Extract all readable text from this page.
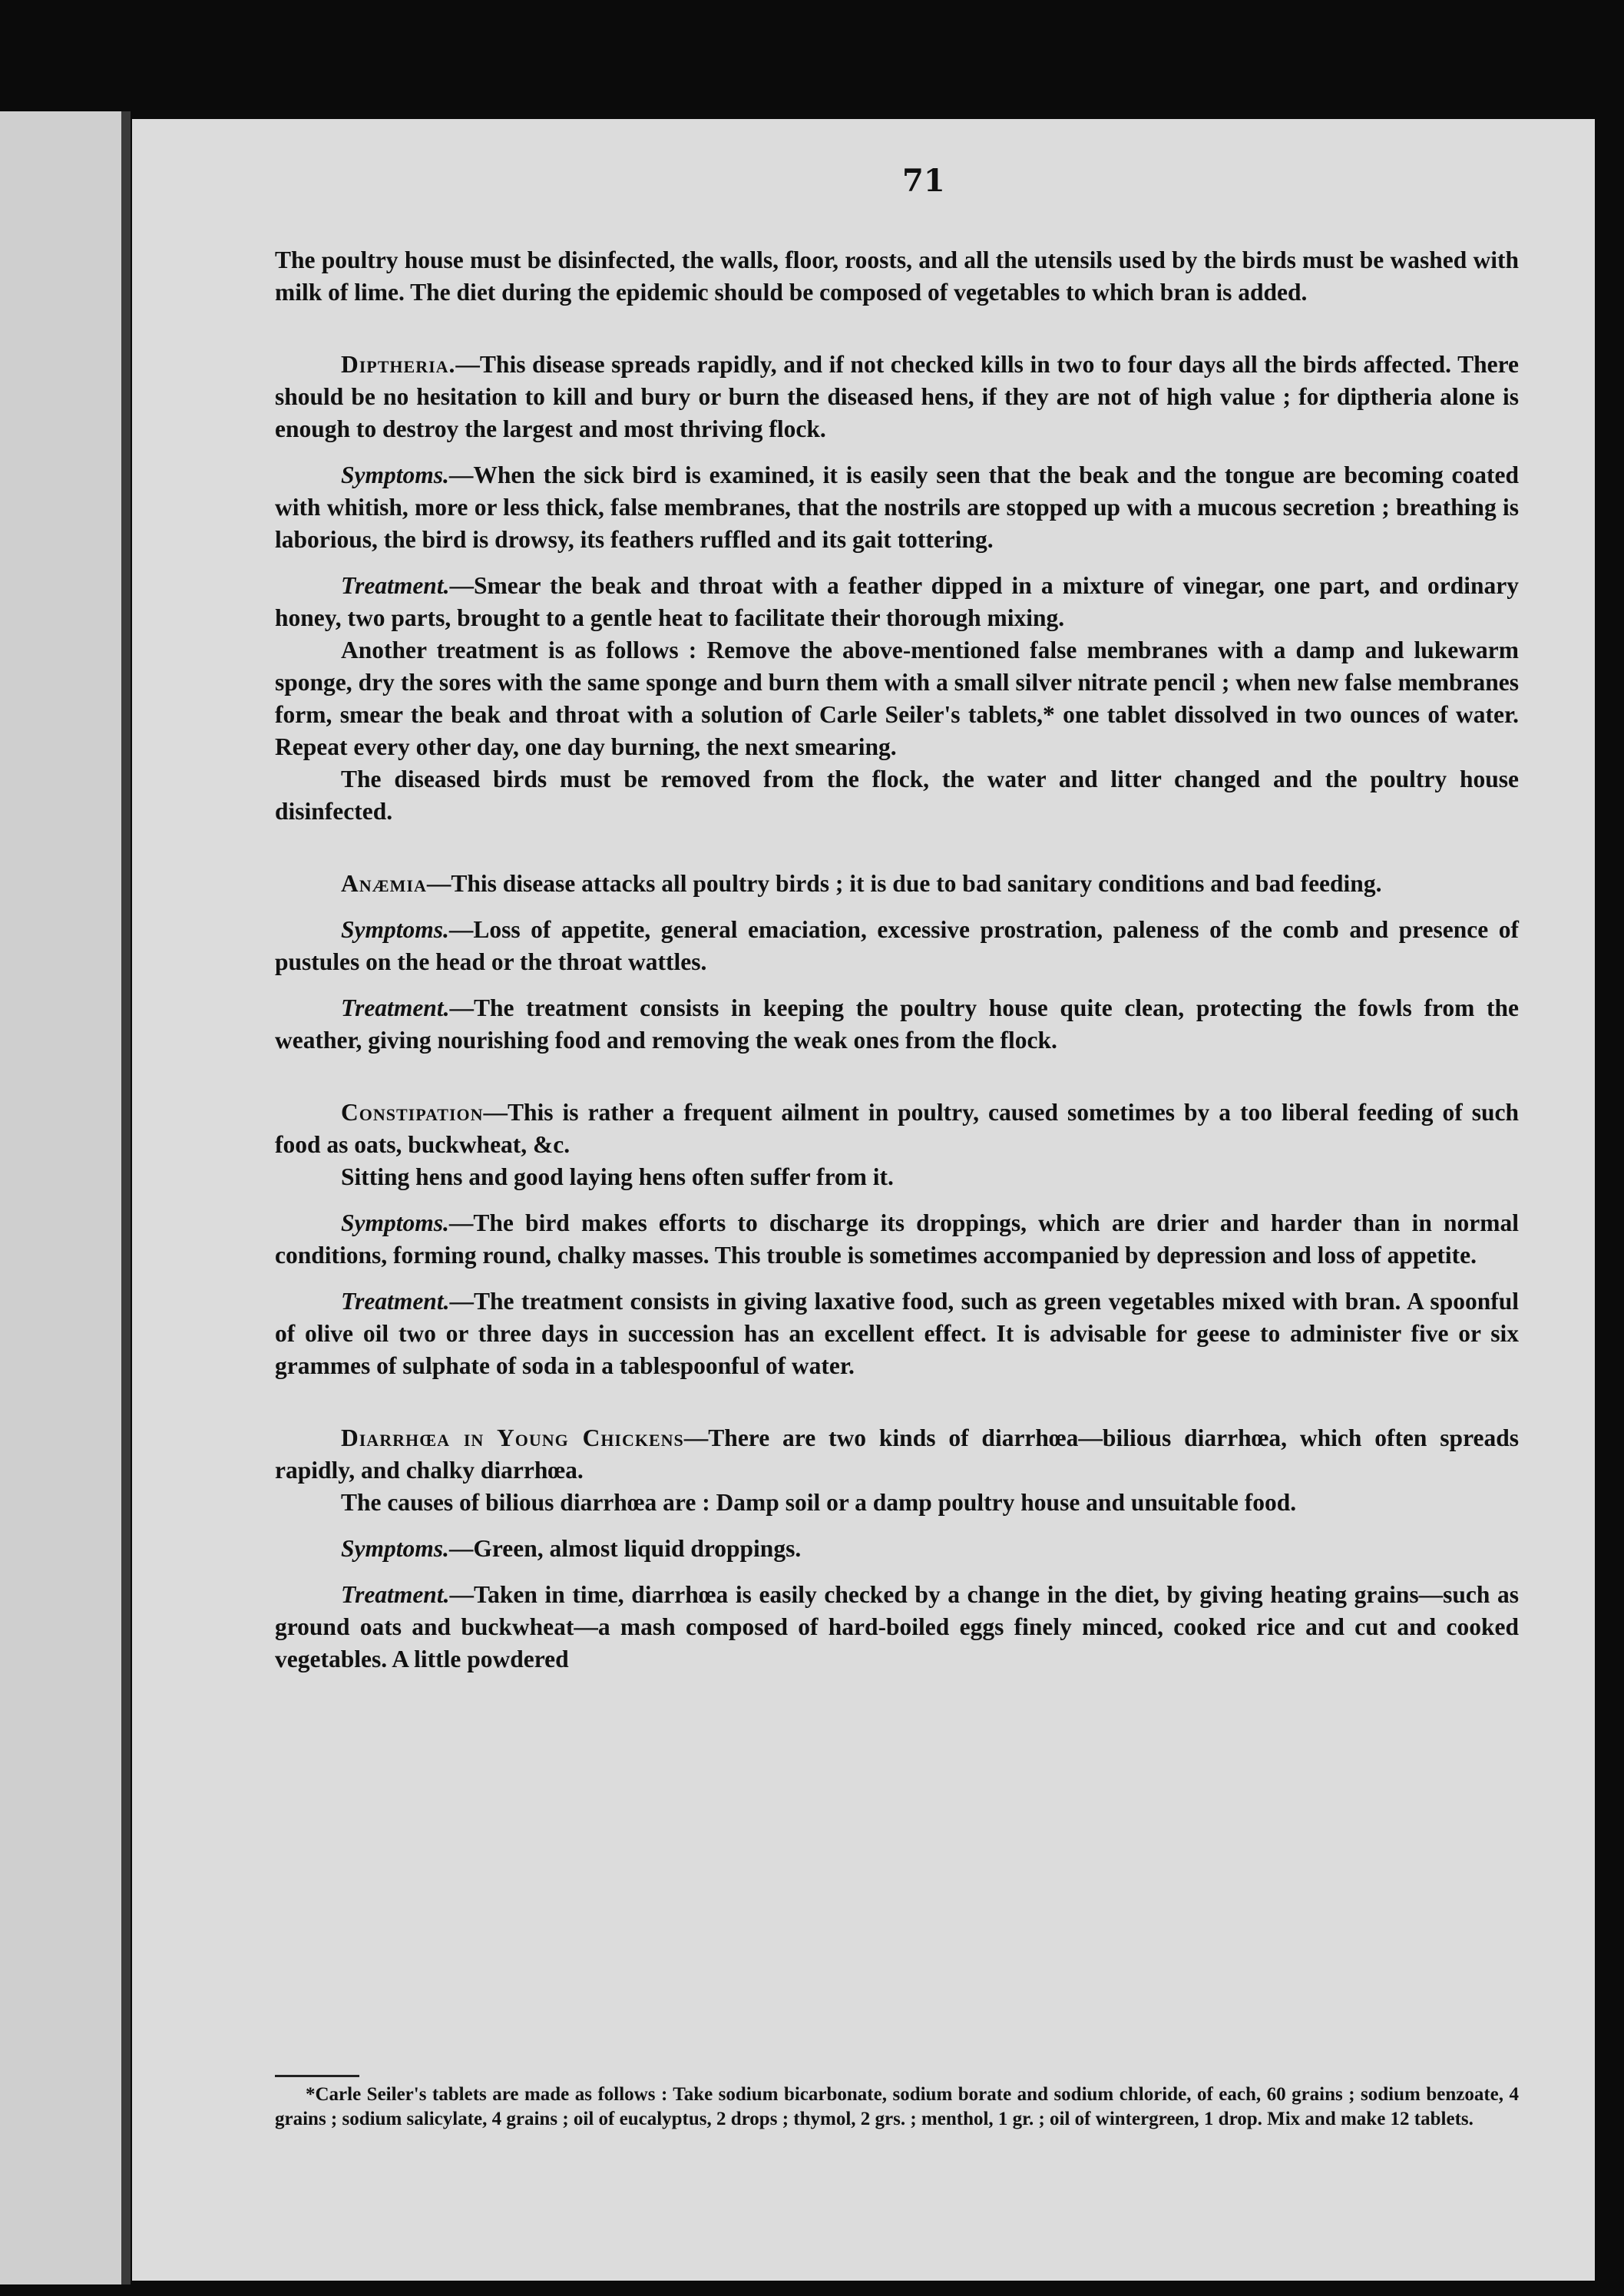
71

The poultry house must be disinfected, the walls, floor, roosts, and all the utensils used by the birds must be washed with milk of lime. The diet during the epidemic should be composed of vegetables to which bran is added.

Diptheria.—This disease spreads rapidly, and if not checked kills in two to four days all the birds affected. There should be no hesitation to kill and bury or burn the diseased hens, if they are not of high value ; for diptheria alone is enough to destroy the largest and most thriving flock.

Symptoms.—When the sick bird is examined, it is easily seen that the beak and the tongue are becoming coated with whitish, more or less thick, false membranes, that the nostrils are stopped up with a mucous secretion ; breathing is laborious, the bird is drowsy, its feathers ruffled and its gait tottering.

Treatment.—Smear the beak and throat with a feather dipped in a mixture of vinegar, one part, and ordinary honey, two parts, brought to a gentle heat to facilitate their thorough mixing.

Another treatment is as follows : Remove the above-mentioned false membranes with a damp and lukewarm sponge, dry the sores with the same sponge and burn them with a small silver nitrate pencil ; when new false membranes form, smear the beak and throat with a solution of Carle Seiler's tablets,* one tablet dissolved in two ounces of water. Repeat every other day, one day burning, the next smearing.

The diseased birds must be removed from the flock, the water and litter changed and the poultry house disinfected.

Anæmia—This disease attacks all poultry birds ; it is due to bad sanitary conditions and bad feeding.

Symptoms.—Loss of appetite, general emaciation, excessive prostration, paleness of the comb and presence of pustules on the head or the throat wattles.

Treatment.—The treatment consists in keeping the poultry house quite clean, protecting the fowls from the weather, giving nourishing food and removing the weak ones from the flock.

Constipation—This is rather a frequent ailment in poultry, caused sometimes by a too liberal feeding of such food as oats, buckwheat, &c.

Sitting hens and good laying hens often suffer from it.

Symptoms.—The bird makes efforts to discharge its droppings, which are drier and harder than in normal conditions, forming round, chalky masses. This trouble is sometimes accompanied by depression and loss of appetite.

Treatment.—The treatment consists in giving laxative food, such as green vegetables mixed with bran. A spoonful of olive oil two or three days in succession has an excellent effect. It is advisable for geese to administer five or six grammes of sulphate of soda in a tablespoonful of water.

Diarrhœa in Young Chickens—There are two kinds of diarrhœa—bilious diarrhœa, which often spreads rapidly, and chalky diarrhœa.

The causes of bilious diarrhœa are : Damp soil or a damp poultry house and unsuitable food.

Symptoms.—Green, almost liquid droppings.

Treatment.—Taken in time, diarrhœa is easily checked by a change in the diet, by giving heating grains—such as ground oats and buckwheat—a mash composed of hard-boiled eggs finely minced, cooked rice and cut and cooked vegetables. A little powdered

*Carle Seiler's tablets are made as follows : Take sodium bicarbonate, sodium borate and sodium chloride, of each, 60 grains ; sodium benzoate, 4 grains ; sodium salicylate, 4 grains ; oil of eucalyptus, 2 drops ; thymol, 2 grs. ; menthol, 1 gr. ; oil of wintergreen, 1 drop. Mix and make 12 tablets.
